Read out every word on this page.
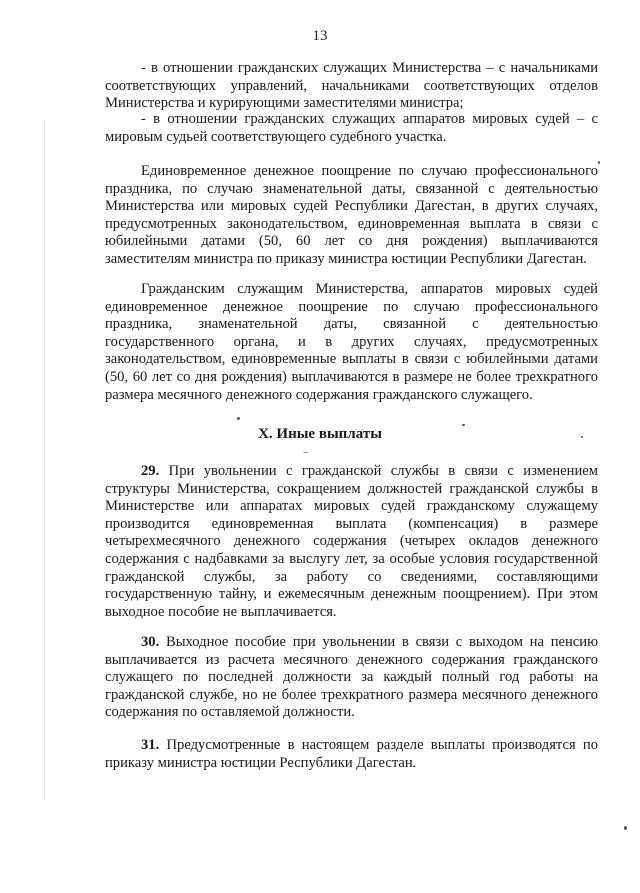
13

- в отношении гражданских служащих Министерства – с начальниками соответствующих управлений, начальниками соответствующих отделов Министерства и курирующими заместителями министра;

- в отношении гражданских служащих аппаратов мировых судей – с мировым судьей соответствующего судебного участка.

Единовременное денежное поощрение по случаю профессионального праздника, по случаю знаменательной даты, связанной с деятельностью Министерства или мировых судей Республики Дагестан, в других случаях, предусмотренных законодательством, единовременная выплата в связи с юбилейными датами (50, 60 лет со дня рождения) выплачиваются заместителям министра по приказу министра юстиции Республики Дагестан.

Гражданским служащим Министерства, аппаратов мировых судей единовременное денежное поощрение по случаю профессионального праздника, знаменательной даты, связанной с деятельностью государственного органа, и в других случаях, предусмотренных законодательством, единовременные выплаты в связи с юбилейными датами (50, 60 лет со дня рождения) выплачиваются в размере не более трехкратного размера месячного денежного содержания гражданского служащего.

X. Иные выплаты

29. При увольнении с гражданской службы в связи с изменением структуры Министерства, сокращением должностей гражданской службы в Министерстве или аппаратах мировых судей гражданскому служащему производится единовременная выплата (компенсация) в размере четырехмесячного денежного содержания (четырех окладов денежного содержания с надбавками за выслугу лет, за особые условия государственной гражданской службы, за работу со сведениями, составляющими государственную тайну, и ежемесячным денежным поощрением). При этом выходное пособие не выплачивается.

30. Выходное пособие при увольнении в связи с выходом на пенсию выплачивается из расчета месячного денежного содержания гражданского служащего по последней должности за каждый полный год работы на гражданской службе, но не более трехкратного размера месячного денежного содержания по оставляемой должности.

31. Предусмотренные в настоящем разделе выплаты производятся по приказу министра юстиции Республики Дагестан.
